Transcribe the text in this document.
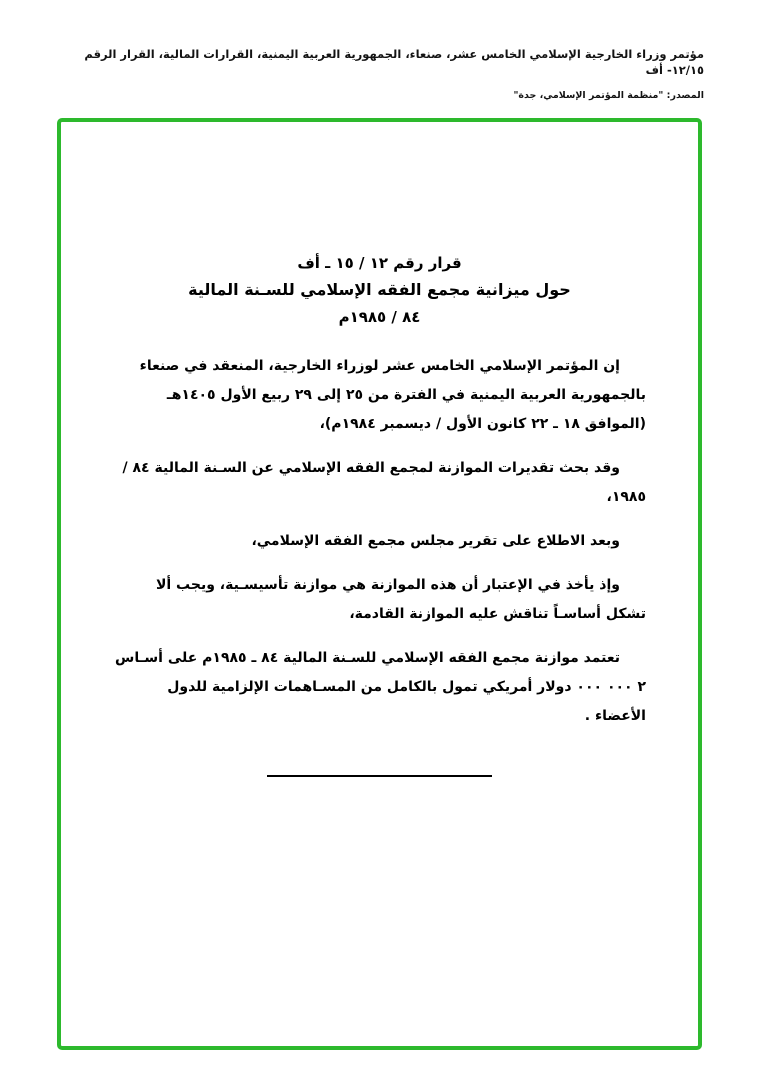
مؤتمر وزراء الخارجية الإسلامي الخامس عشر، صنعاء، الجمهورية العربية اليمنية، القرارات المالية، القرار الرقم ١٢/١٥- أف
المصدر: "منظمة المؤتمر الإسلامي، جدة"
قرار رقم ١٢ / ١٥ ـ أف
حول ميزانية مجمع الفقه الإسلامي للسـنة المالية
٨٤ / ١٩٨٥م

إن المؤتمر الإسلامي الخامس عشر لوزراء الخارجية، المنعقد في صنعاء بالجمهورية العربية اليمنية في الفترة من ٢٥ إلى ٢٩ ربيع الأول ١٤٠٥هـ (الموافق ١٨ ـ ٢٢ كانون الأول / ديسمبر ١٩٨٤م)،

وقد بحث تقديرات الموازنة لمجمع الفقه الإسلامي عن السـنة المالية ٨٤ / ١٩٨٥،

وبعد الاطلاع على تقرير مجلس مجمع الفقه الإسلامي،

وإذ يأخذ في الإعتبار أن هذه الموازنة هي موازنة تأسيسـية، ويجب ألا تشكل أساسـاً تناقش عليه الموازنة القادمة،

تعتمد موازنة مجمع الفقه الإسلامي للسـنة المالية ٨٤ ـ ١٩٨٥م على أسـاس ٢ ٠٠٠ ٠٠٠ دولار أمريكي تمول بالكامل من المسـاهمات الإلزامية للدول الأعضاء .
